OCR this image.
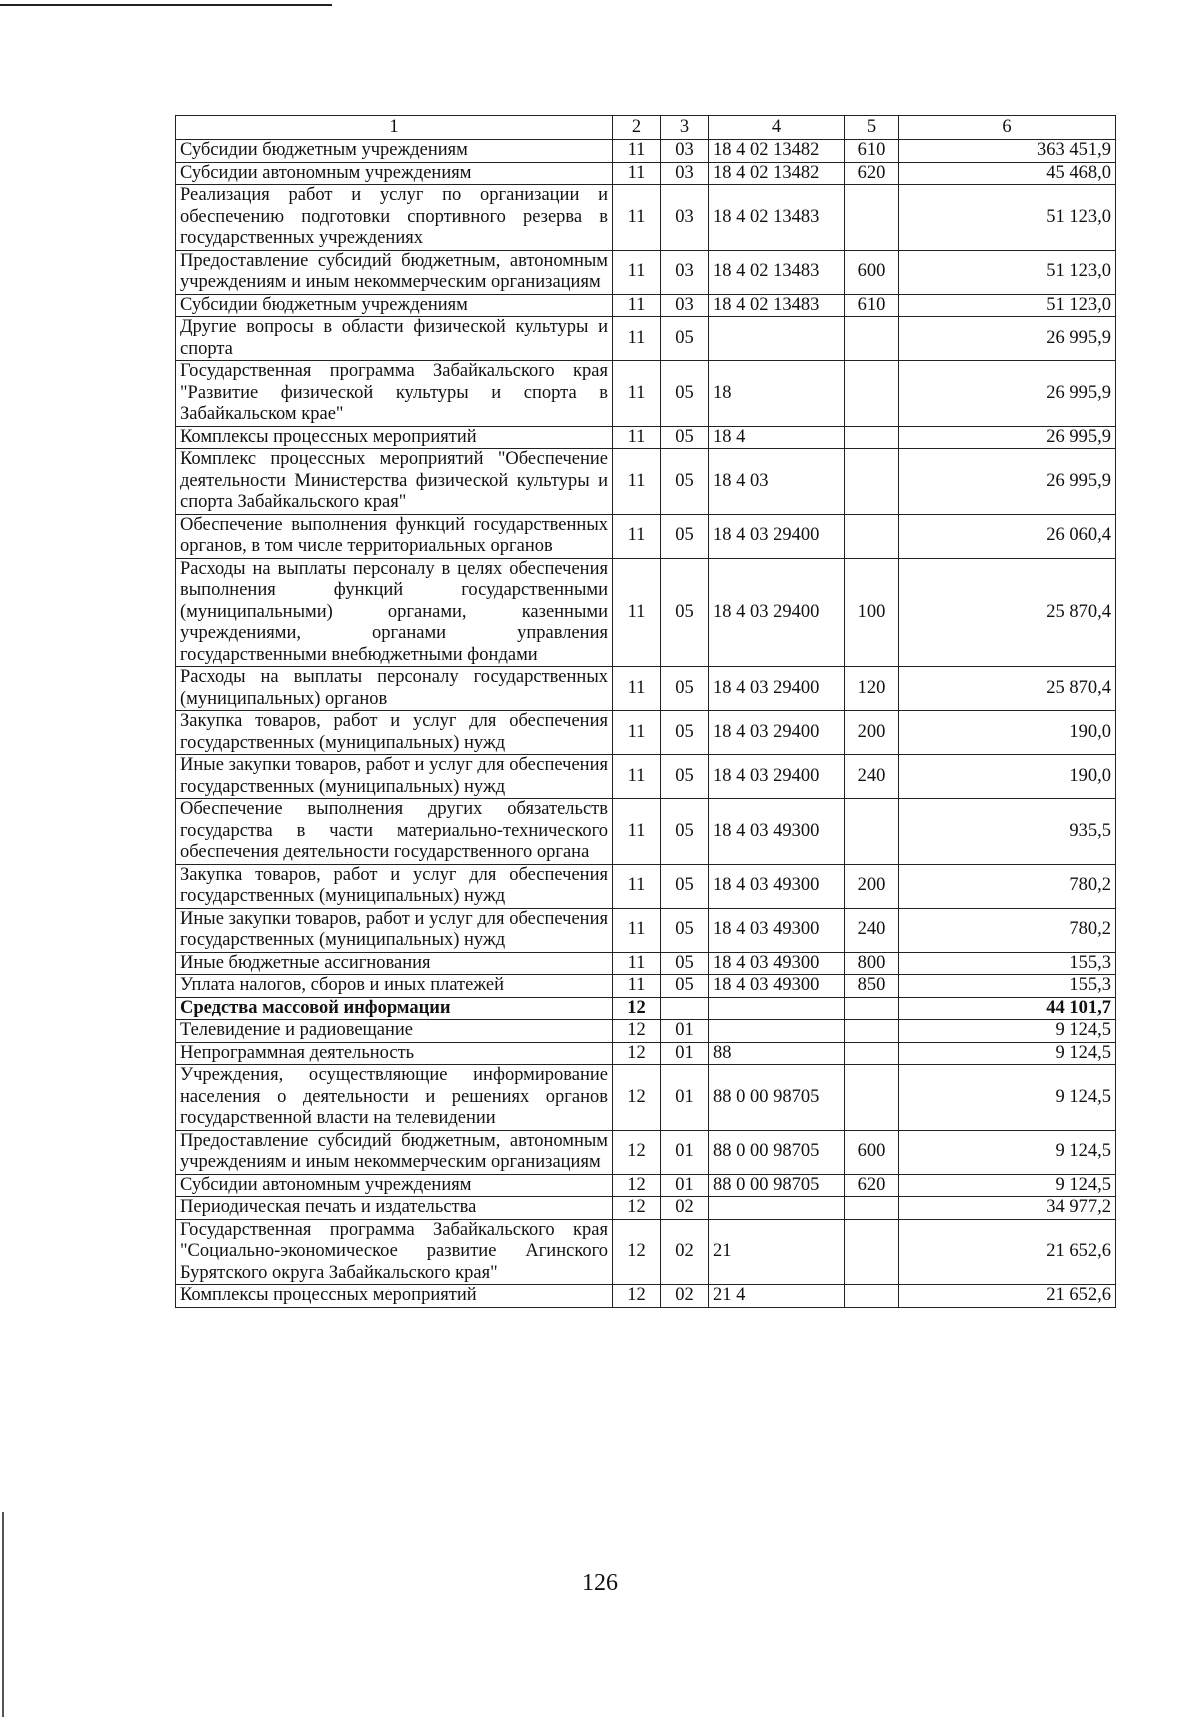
1	2	3	4	5	6
Субсидии бюджетным учреждениям	11	03	18 4 02 13482	610	363 451,9
Субсидии автономным учреждениям	11	03	18 4 02 13482	620	45 468,0
Реализация работ и услуг по организации и обеспечению подготовки спортивного резерва в государственных учреждениях	11	03	18 4 02 13483		51 123,0
Предоставление субсидий бюджетным, автономным учреждениям и иным некоммерческим организациям	11	03	18 4 02 13483	600	51 123,0
Субсидии бюджетным учреждениям	11	03	18 4 02 13483	610	51 123,0
Другие вопросы в области физической культуры и спорта	11	05			26 995,9
Государственная программа Забайкальского края "Развитие физической культуры и спорта в Забайкальском крае"	11	05	18		26 995,9
Комплексы процессных мероприятий	11	05	18 4		26 995,9
Комплекс процессных мероприятий "Обеспечение деятельности Министерства физической культуры и спорта Забайкальского края"	11	05	18 4 03		26 995,9
Обеспечение выполнения функций государственных органов, в том числе территориальных органов	11	05	18 4 03 29400		26 060,4
Расходы на выплаты персоналу в целях обеспечения выполнения функций государственными (муниципальными) органами, казенными учреждениями, органами управления государственными внебюджетными фондами	11	05	18 4 03 29400	100	25 870,4
Расходы на выплаты персоналу государственных (муниципальных) органов	11	05	18 4 03 29400	120	25 870,4
Закупка товаров, работ и услуг для обеспечения государственных (муниципальных) нужд	11	05	18 4 03 29400	200	190,0
Иные закупки товаров, работ и услуг для обеспечения государственных (муниципальных) нужд	11	05	18 4 03 29400	240	190,0
Обеспечение выполнения других обязательств государства в части материально-технического обеспечения деятельности государственного органа	11	05	18 4 03 49300		935,5
Закупка товаров, работ и услуг для обеспечения государственных (муниципальных) нужд	11	05	18 4 03 49300	200	780,2
Иные закупки товаров, работ и услуг для обеспечения государственных (муниципальных) нужд	11	05	18 4 03 49300	240	780,2
Иные бюджетные ассигнования	11	05	18 4 03 49300	800	155,3
Уплата налогов, сборов и иных платежей	11	05	18 4 03 49300	850	155,3
Средства массовой информации	12				44 101,7
Телевидение и радиовещание	12	01			9 124,5
Непрограммная деятельность	12	01	88		9 124,5
Учреждения, осуществляющие информирование населения о деятельности и решениях органов государственной власти на телевидении	12	01	88 0 00 98705		9 124,5
Предоставление субсидий бюджетным, автономным учреждениям и иным некоммерческим организациям	12	01	88 0 00 98705	600	9 124,5
Субсидии автономным учреждениям	12	01	88 0 00 98705	620	9 124,5
Периодическая печать и издательства	12	02			34 977,2
Государственная программа Забайкальского края "Социально-экономическое развитие Агинского Бурятского округа Забайкальского края"	12	02	21		21 652,6
Комплексы процессных мероприятий	12	02	21 4		21 652,6
126
